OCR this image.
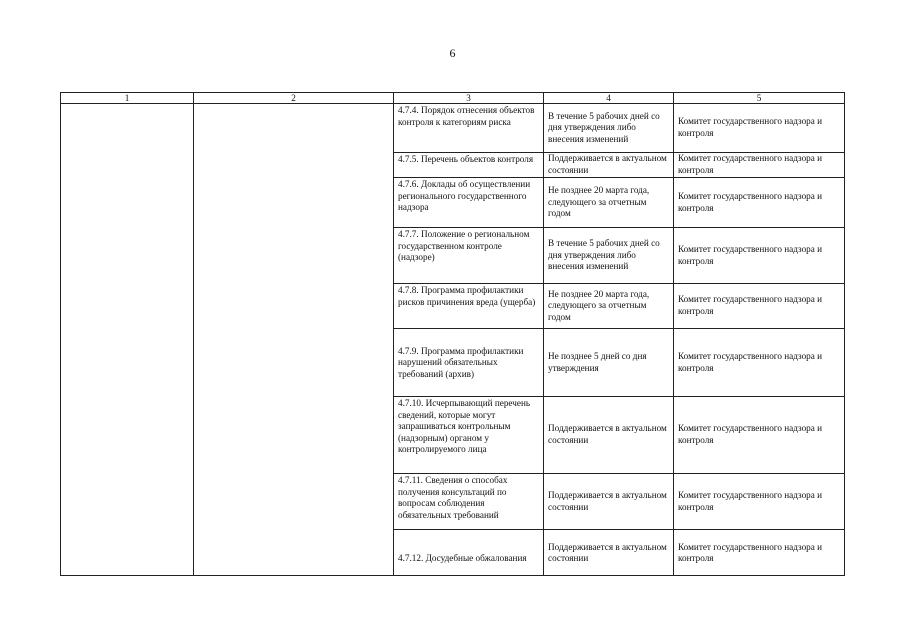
6
1	2	3	4	5
		4.7.4. Порядок отнесения объектов контроля к категориям риска	В течение 5 рабочих дней со дня утверждения либо внесения изменений	Комитет государственного надзора и контроля
		4.7.5. Перечень объектов контроля	Поддерживается в актуальном состоянии	Комитет государственного надзора и контроля
		4.7.6. Доклады об осуществлении регионального государственного надзора	Не позднее 20 марта года, следующего за отчетным годом	Комитет государственного надзора и контроля
		4.7.7. Положение о региональном государственном контроле (надзоре)	В течение 5 рабочих дней со дня утверждения либо внесения изменений	Комитет государственного надзора и контроля
		4.7.8. Программа профилактики рисков причинения вреда (ущерба)	Не позднее 20 марта года, следующего за отчетным годом	Комитет государственного надзора и контроля
		4.7.9. Программа профилактики нарушений обязательных требований (архив)	Не позднее 5 дней со дня утверждения	Комитет государственного надзора и контроля
		4.7.10. Исчерпывающий перечень сведений, которые могут запрашиваться контрольным (надзорным) органом у контролируемого лица	Поддерживается в актуальном состоянии	Комитет государственного надзора и контроля
		4.7.11. Сведения о способах получения консультаций по вопросам соблюдения обязательных требований	Поддерживается в актуальном состоянии	Комитет государственного надзора и контроля
		4.7.12. Досудебные обжалования	Поддерживается в актуальном состоянии	Комитет государственного надзора и контроля
